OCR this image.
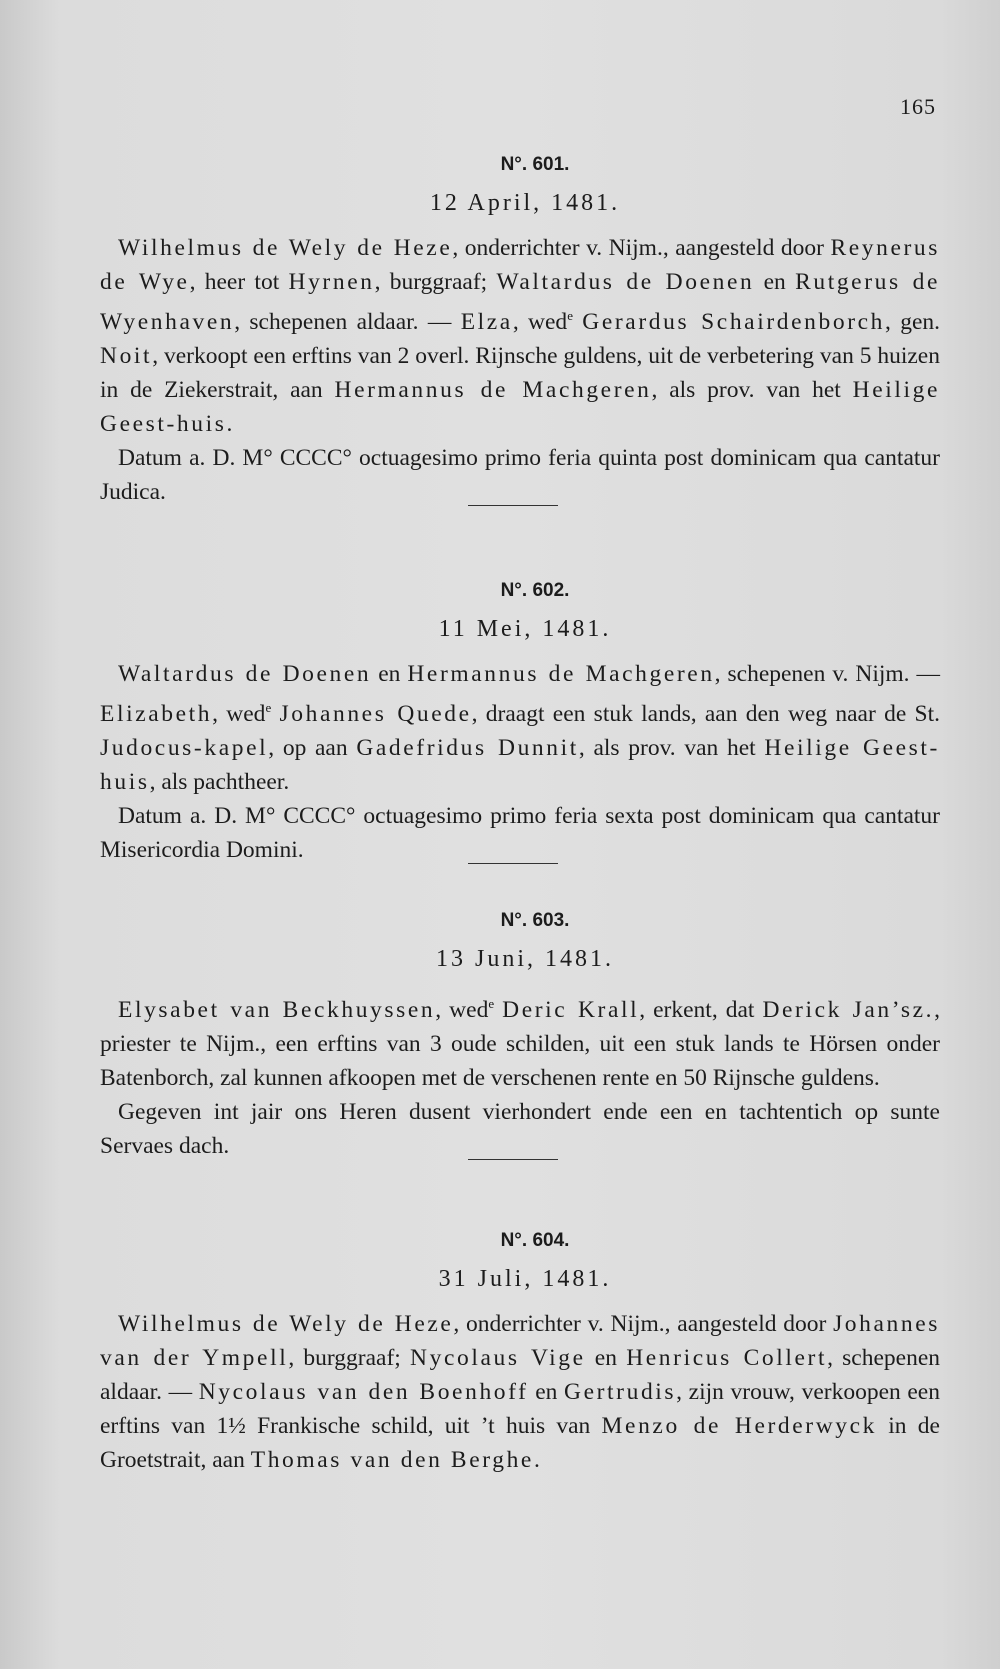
165
N°. 601.
12 April, 1481.

Wilhelmus de Wely de Heze, onderrichter v. Nijm., aangesteld door Reynerus de Wye, heer tot Hyrnen, burggraaf; Waltardus de Doenen en Rutgerus de Wyenhaven, schepenen aldaar. — Elza, wed$^e$ Gerardus Schairdenborch, gen. Noit, verkoopt een erftins van 2 overl. Rijnsche guldens, uit de verbetering van 5 huizen in de Ziekerstrait, aan Hermannus de Machgeren, als prov. van het Heilige Geest-huis.

Datum a. D. M° CCCC° octuagesimo primo feria quinta post dominicam qua cantatur Judica.

N°. 602.
11 Mei, 1481.

Waltardus de Doenen en Hermannus de Machgeren, schepenen v. Nijm. — Elizabeth, wed$^e$ Johannes Quede, draagt een stuk lands, aan den weg naar de St. Judocus-kapel, op aan Gadefridus Dunnit, als prov. van het Heilige Geest-huis, als pachtheer.

Datum a. D. M° CCCC° octuagesimo primo feria sexta post dominicam qua cantatur Misericordia Domini.

N°. 603.
13 Juni, 1481.

Elysabet van Beckhuyssen, wed$^e$ Deric Krall, erkent, dat Derick Jan’sz., priester te Nijm., een erftins van 3 oude schilden, uit een stuk lands te Hörsen onder Batenborch, zal kunnen afkoopen met de verschenen rente en 50 Rijnsche guldens.

Gegeven int jair ons Heren dusent vierhondert ende een en tachtentich op sunte Servaes dach.

N°. 604.
31 Juli, 1481.

Wilhelmus de Wely de Heze, onderrichter v. Nijm., aangesteld door Johannes van der Ympell, burggraaf; Nycolaus Vige en Henricus Collert, schepenen aldaar. — Nycolaus van den Boenhoff en Gertrudis, zijn vrouw, verkoopen een erftins van 1½ Frankische schild, uit ’t huis van Menzo de Herderwyck in de Groetstrait, aan Thomas van den Berghe.
